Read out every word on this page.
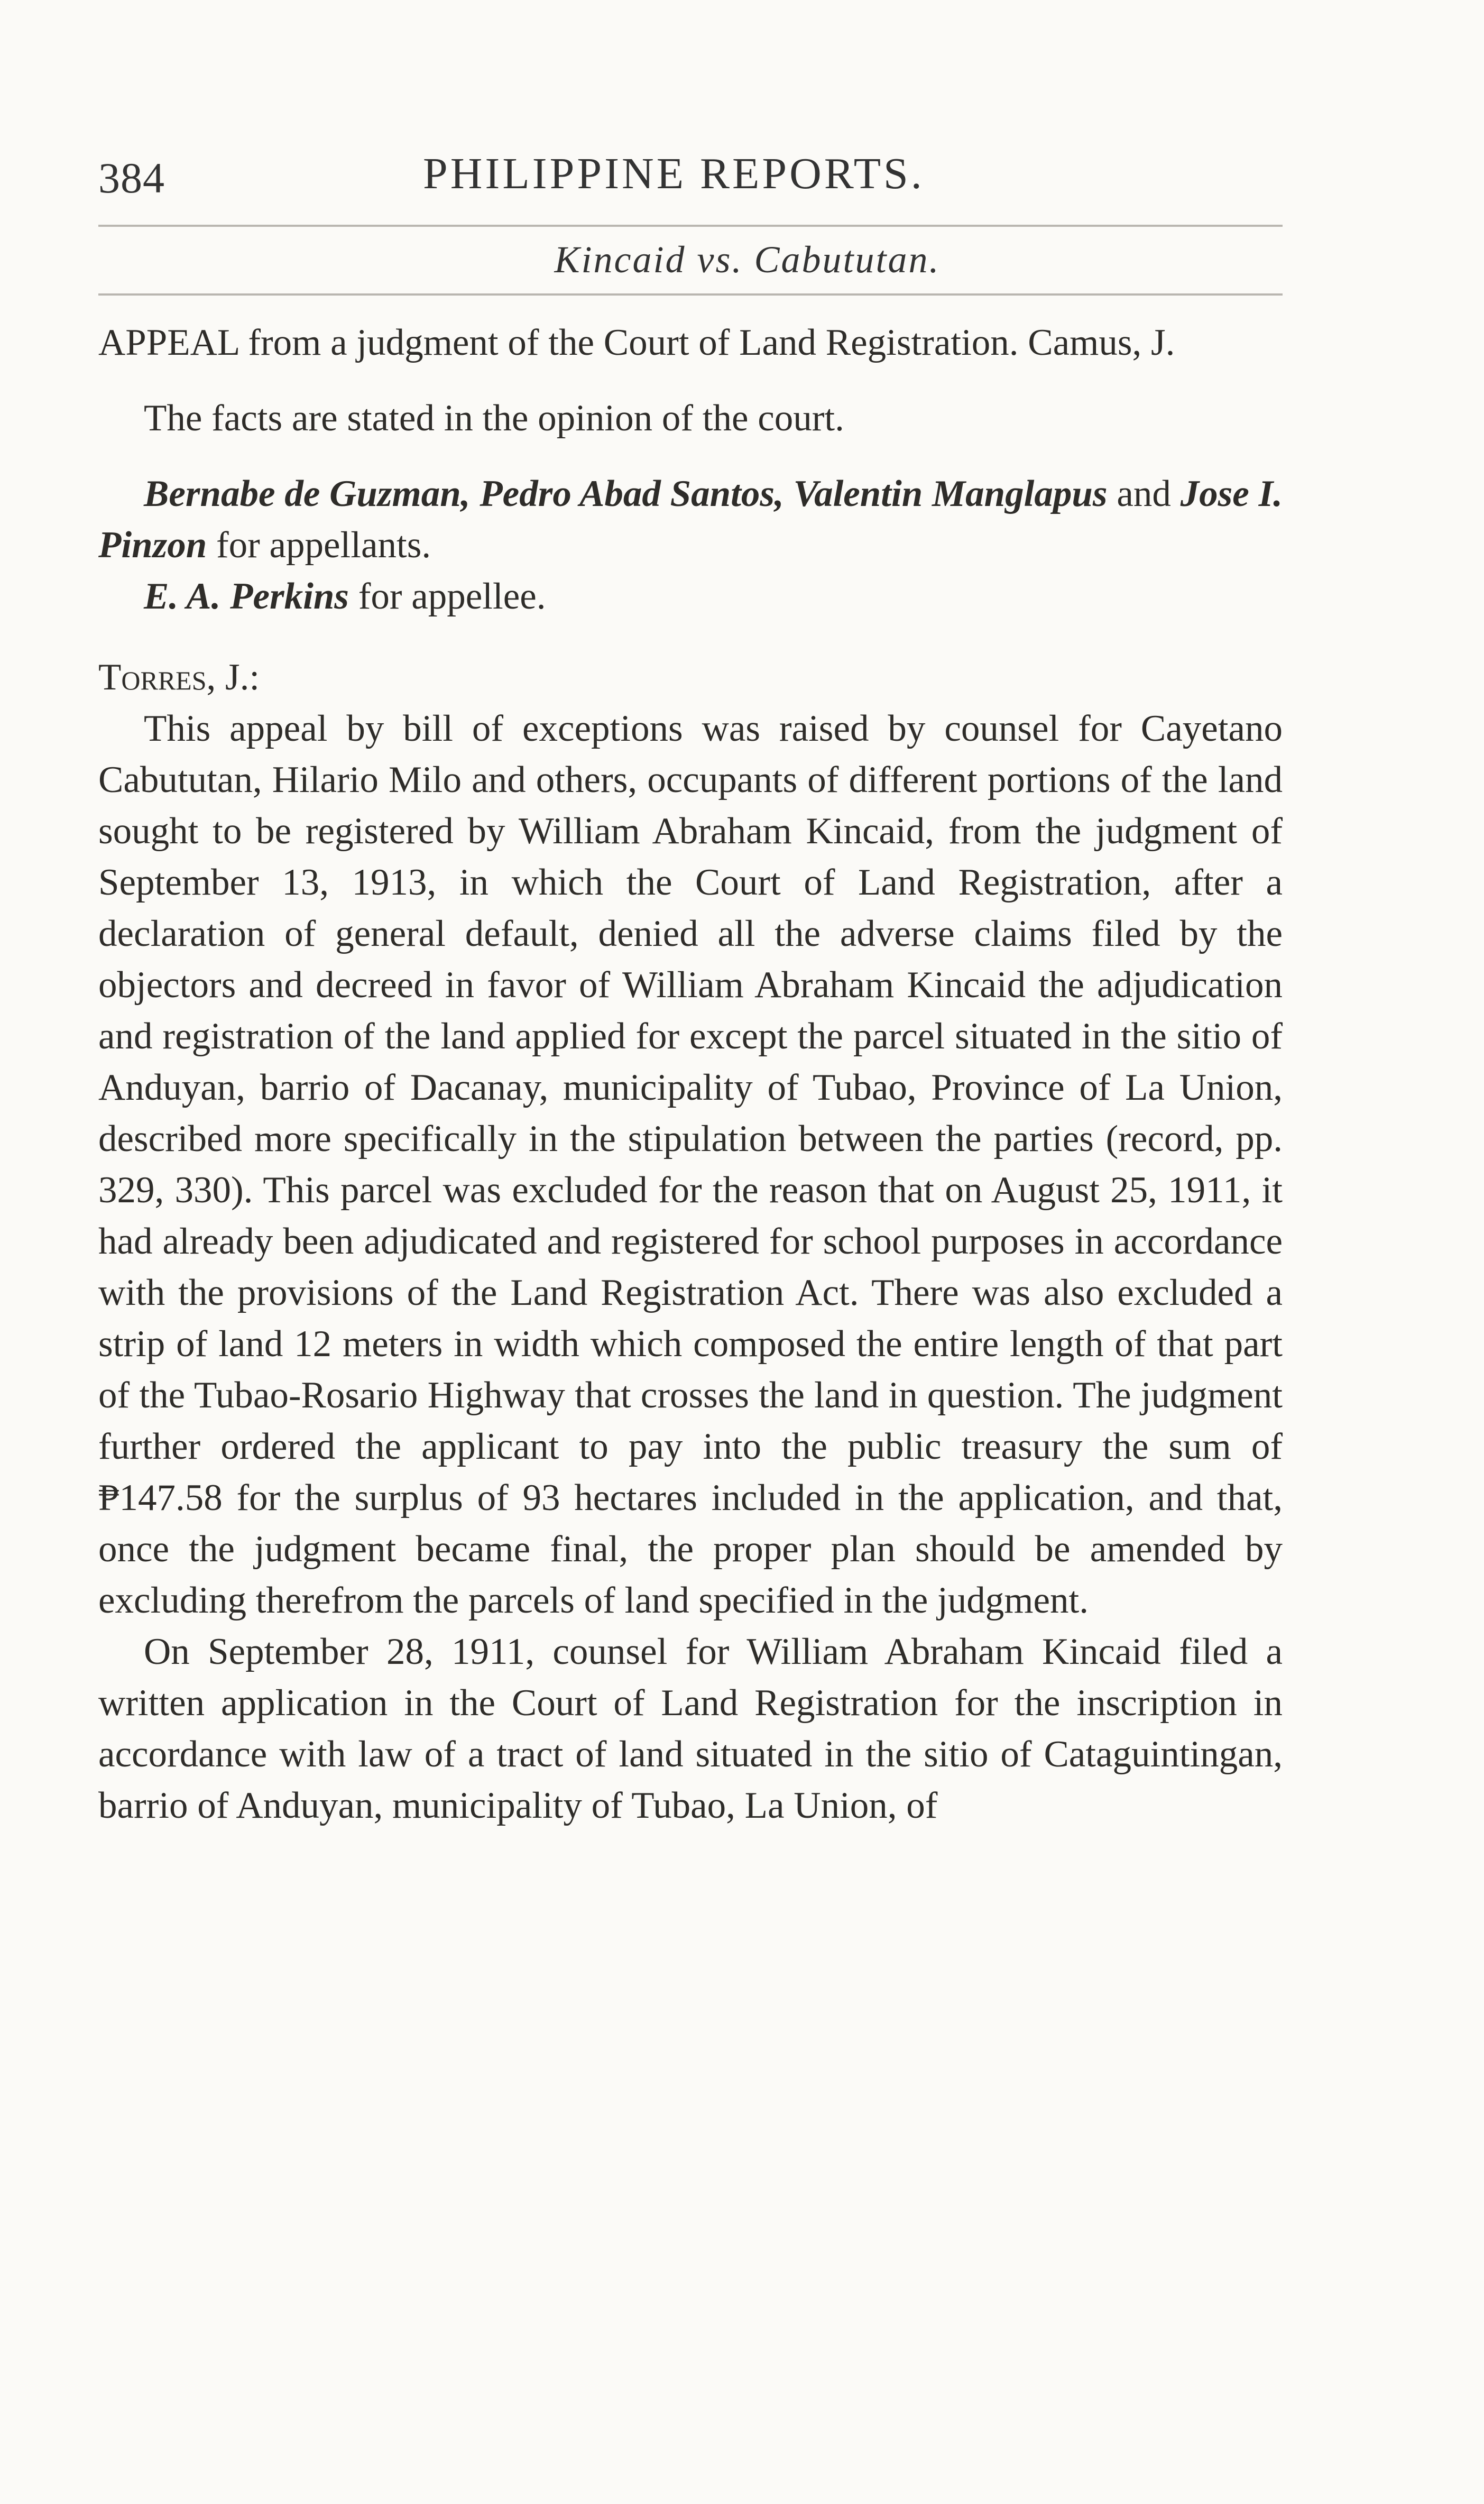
384	PHILIPPINE REPORTS.
Kincaid vs. Cabututan.

APPEAL from a judgment of the Court of Land Registration. Camus, J.

The facts are stated in the opinion of the court.

Bernabe de Guzman, Pedro Abad Santos, Valentin Manglapus and Jose I. Pinzon for appellants.

E. A. Perkins for appellee.

Torres, J.:

This appeal by bill of exceptions was raised by counsel for Cayetano Cabututan, Hilario Milo and others, occupants of different portions of the land sought to be registered by William Abraham Kincaid, from the judgment of September 13, 1913, in which the Court of Land Registration, after a declaration of general default, denied all the adverse claims filed by the objectors and decreed in favor of William Abraham Kincaid the adjudication and registration of the land applied for except the parcel situated in the sitio of Anduyan, barrio of Dacanay, municipality of Tubao, Province of La Union, described more specifically in the stipulation between the parties (record, pp. 329, 330). This parcel was excluded for the reason that on August 25, 1911, it had already been adjudicated and registered for school purposes in accordance with the provisions of the Land Registration Act. There was also excluded a strip of land 12 meters in width which composed the entire length of that part of the Tubao-Rosario Highway that crosses the land in question. The judgment further ordered the applicant to pay into the public treasury the sum of ₱147.58 for the surplus of 93 hectares included in the application, and that, once the judgment became final, the proper plan should be amended by excluding therefrom the parcels of land specified in the judgment.

On September 28, 1911, counsel for William Abraham Kincaid filed a written application in the Court of Land Registration for the inscription in accordance with law of a tract of land situated in the sitio of Cataguintingan, barrio of Anduyan, municipality of Tubao, La Union, of
